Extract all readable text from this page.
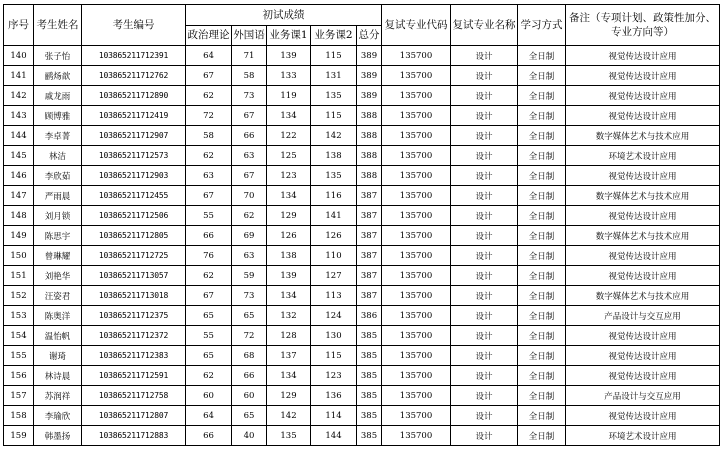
序号	考生姓名	考生编号	初试成绩					复试专业代码	复试专业名称	学习方式	备注（专项计划、政策性加分、专业方向等）
			政治理论	外国语	业务课1	业务课2	总分				
140	张子怡	103865211712391	64	71	139	115	389	135700	设计	全日制	视觉传达设计应用
141	鹂炀歆	103865211712762	67	58	133	131	389	135700	设计	全日制	视觉传达设计应用
142	戚龙雨	103865211712890	62	73	119	135	389	135700	设计	全日制	视觉传达设计应用
143	顾博雅	103865211712419	72	67	134	115	388	135700	设计	全日制	视觉传达设计应用
144	李卓菁	103865211712907	58	66	122	142	388	135700	设计	全日制	数字媒体艺术与技术应用
145	林洁	103865211712573	62	63	125	138	388	135700	设计	全日制	环境艺术设计应用
146	李欣茹	103865211712903	63	67	123	135	388	135700	设计	全日制	视觉传达设计应用
147	严雨晨	103865211712455	67	70	134	116	387	135700	设计	全日制	数字媒体艺术与技术应用
148	刘月锁	103865211712506	55	62	129	141	387	135700	设计	全日制	视觉传达设计应用
149	陈思宇	103865211712805	66	69	126	126	387	135700	设计	全日制	数字媒体艺术与技术应用
150	曾琳耀	103865211712725	76	63	138	110	387	135700	设计	全日制	视觉传达设计应用
151	刘艳华	103865211713057	62	59	139	127	387	135700	设计	全日制	视觉传达设计应用
152	汪姿君	103865211713018	67	73	134	113	387	135700	设计	全日制	数字媒体艺术与技术应用
153	陈奥洋	103865211712375	65	65	132	124	386	135700	设计	全日制	产品设计与交互应用
154	温怡帆	103865211712372	55	72	128	130	385	135700	设计	全日制	视觉传达设计应用
155	谢琦	103865211712383	65	68	137	115	385	135700	设计	全日制	视觉传达设计应用
156	林诗晨	103865211712591	62	66	134	123	385	135700	设计	全日制	视觉传达设计应用
157	苏润祥	103865211712758	60	60	129	136	385	135700	设计	全日制	产品设计与交互应用
158	李瑜欣	103865211712807	64	65	142	114	385	135700	设计	全日制	视觉传达设计应用
159	韩墨扬	103865211712883	66	40	135	144	385	135700	设计	全日制	环境艺术设计应用
